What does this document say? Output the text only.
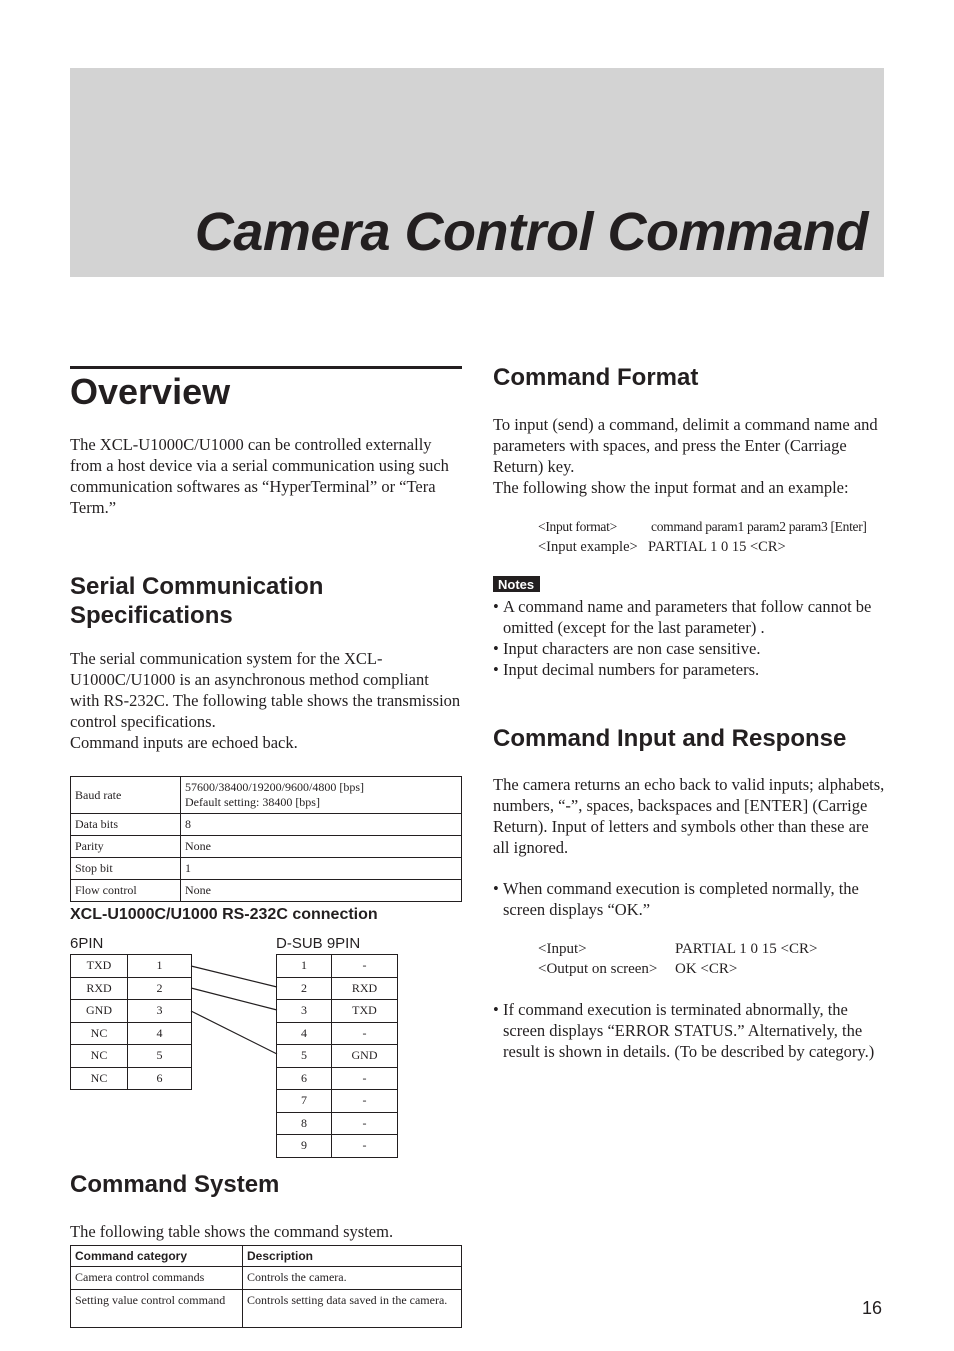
Camera Control Command
Overview

The XCL-U1000C/U1000 can be controlled externally from a host device via a serial communication using such communication softwares as “HyperTerminal” or “Tera Term.”

Serial Communication
Specifications

The serial communication system for the XCL-U1000C/U1000 is an asynchronous method compliant with RS-232C. The following table shows the transmission control specifications.

Command inputs are echoed back.

Baud rate	57600/38400/19200/9600/4800 [bps]
Default setting: 38400 [bps]
Data bits	8
Parity	None
Stop bit	1
Flow control	None
XCL-U1000C/U1000 RS-232C connection
6PIN	D-SUB 9PIN
TXD	1
RXD	2
GND	3
NC	4
NC	5
NC	6
1	-
2	RXD
3	TXD
4	-
5	GND
6	-
7	-
8	-
9	-
Command System

The following table shows the command system.

Command category	Description
Camera control commands	Controls the camera.
Setting value control command	Controls setting data saved in the camera.
Command Format

To input (send) a command, delimit a command name and parameters with spaces, and press the Enter (Carriage Return) key.

The following show the input format and an example:

<Input format>	command param1 param2 param3 [Enter]
<Input example> PARTIAL 1 0 15 <CR>
Notes
• A command name and parameters that follow cannot be omitted (except for the last parameter) .
• Input characters are non case sensitive.
• Input decimal numbers for parameters.
Command Input and Response

The camera returns an echo back to valid inputs; alphabets, numbers, “-”, spaces, backspaces and [ENTER] (Carrige Return). Input of letters and symbols other than these are all ignored.

• When command execution is completed normally, the screen displays “OK.”
<Input>	PARTIAL 1 0 15 <CR>
<Output on screen> OK <CR>
• If command execution is terminated abnormally, the screen displays “ERROR STATUS.” Alternatively, the result is shown in details. (To be described by category.)
16
